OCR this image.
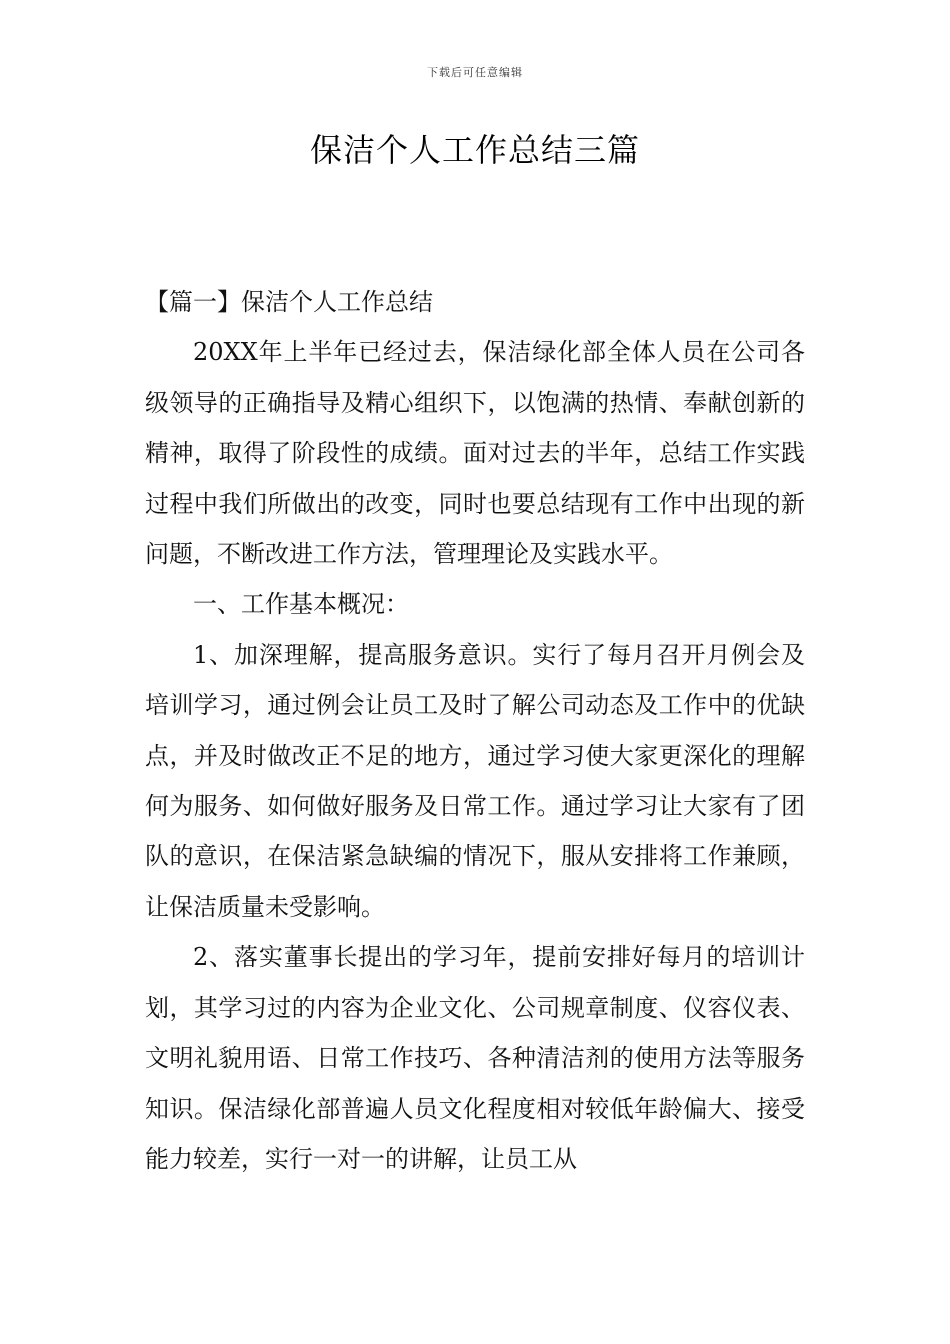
下载后可任意编辑
保洁个人工作总结三篇

【篇一】保洁个人工作总结

20XX年上半年已经过去，保洁绿化部全体人员在公司各级领导的正确指导及精心组织下，以饱满的热情、奉献创新的精神，取得了阶段性的成绩。面对过去的半年，总结工作实践过程中我们所做出的改变，同时也要总结现有工作中出现的新问题，不断改进工作方法，管理理论及实践水平。

一、工作基本概况：

1、加深理解，提高服务意识。实行了每月召开月例会及培训学习，通过例会让员工及时了解公司动态及工作中的优缺点，并及时做改正不足的地方，通过学习使大家更深化的理解何为服务、如何做好服务及日常工作。通过学习让大家有了团队的意识，在保洁紧急缺编的情况下，服从安排将工作兼顾，让保洁质量未受影响。

2、落实董事长提出的学习年，提前安排好每月的培训计划，其学习过的内容为企业文化、公司规章制度、仪容仪表、文明礼貌用语、日常工作技巧、各种清洁剂的使用方法等服务知识。保洁绿化部普遍人员文化程度相对较低年龄偏大、接受能力较差，实行一对一的讲解，让员工从
